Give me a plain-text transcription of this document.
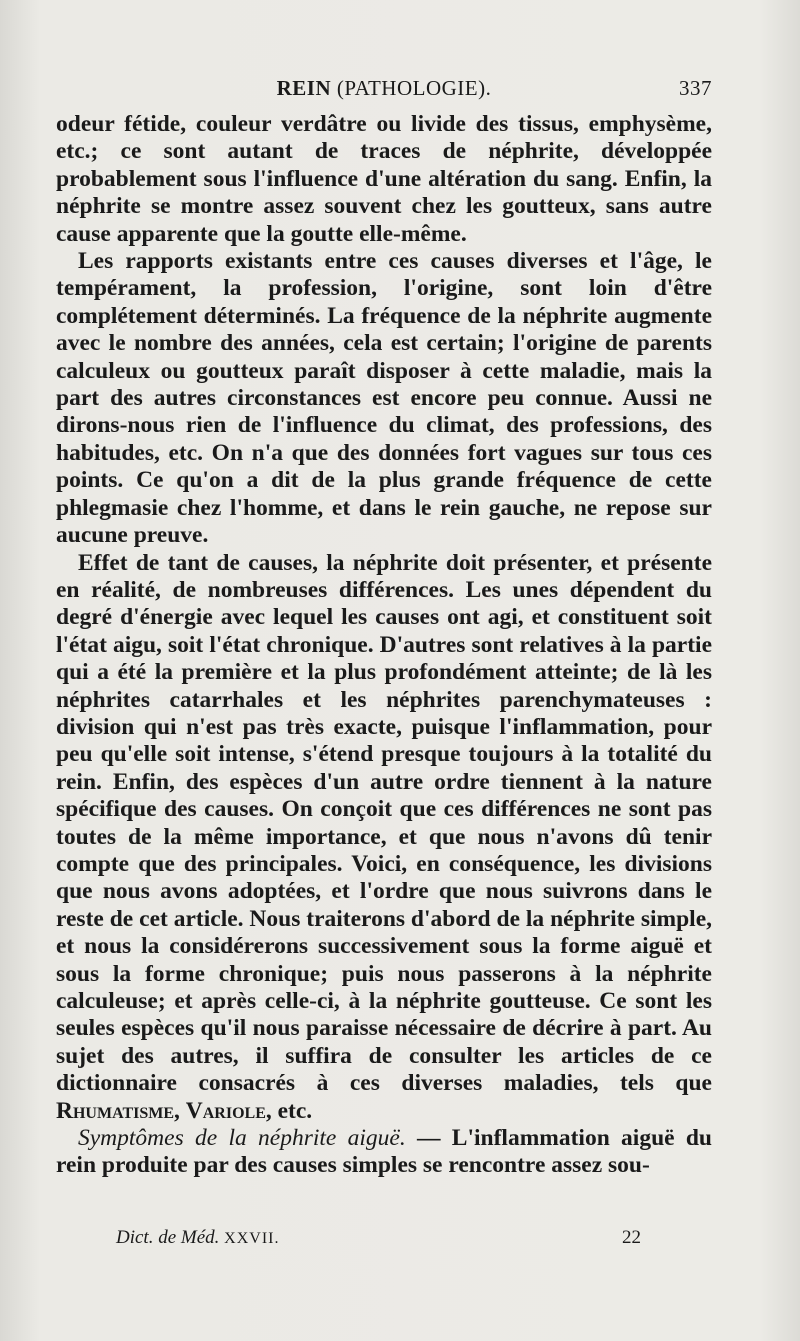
REIN (PATHOLOGIE).	337

odeur fétide, couleur verdâtre ou livide des tissus, emphysème, etc.; ce sont autant de traces de néphrite, développée probablement sous l'influence d'une altération du sang. Enfin, la néphrite se montre assez souvent chez les goutteux, sans autre cause apparente que la goutte elle-même.

Les rapports existants entre ces causes diverses et l'âge, le tempérament, la profession, l'origine, sont loin d'être complétement déterminés. La fréquence de la néphrite augmente avec le nombre des années, cela est certain; l'origine de parents calculeux ou goutteux paraît disposer à cette maladie, mais la part des autres circonstances est encore peu connue. Aussi ne dirons-nous rien de l'influence du climat, des professions, des habitudes, etc. On n'a que des données fort vagues sur tous ces points. Ce qu'on a dit de la plus grande fréquence de cette phlegmasie chez l'homme, et dans le rein gauche, ne repose sur aucune preuve.

Effet de tant de causes, la néphrite doit présenter, et présente en réalité, de nombreuses différences. Les unes dépendent du degré d'énergie avec lequel les causes ont agi, et constituent soit l'état aigu, soit l'état chronique. D'autres sont relatives à la partie qui a été la première et la plus profondément atteinte; de là les néphrites catarrhales et les néphrites parenchymateuses : division qui n'est pas très exacte, puisque l'inflammation, pour peu qu'elle soit intense, s'étend presque toujours à la totalité du rein. Enfin, des espèces d'un autre ordre tiennent à la nature spécifique des causes. On conçoit que ces différences ne sont pas toutes de la même importance, et que nous n'avons dû tenir compte que des principales. Voici, en conséquence, les divisions que nous avons adoptées, et l'ordre que nous suivrons dans le reste de cet article. Nous traiterons d'abord de la néphrite simple, et nous la considérerons successivement sous la forme aiguë et sous la forme chronique; puis nous passerons à la néphrite calculeuse; et après celle-ci, à la néphrite goutteuse. Ce sont les seules espèces qu'il nous paraisse nécessaire de décrire à part. Au sujet des autres, il suffira de consulter les articles de ce dictionnaire consacrés à ces diverses maladies, tels que Rhumatisme, Variole, etc.

Symptômes de la néphrite aiguë. — L'inflammation aiguë du rein produite par des causes simples se rencontre assez sou-

Dict. de Méd. XXVII.	22
